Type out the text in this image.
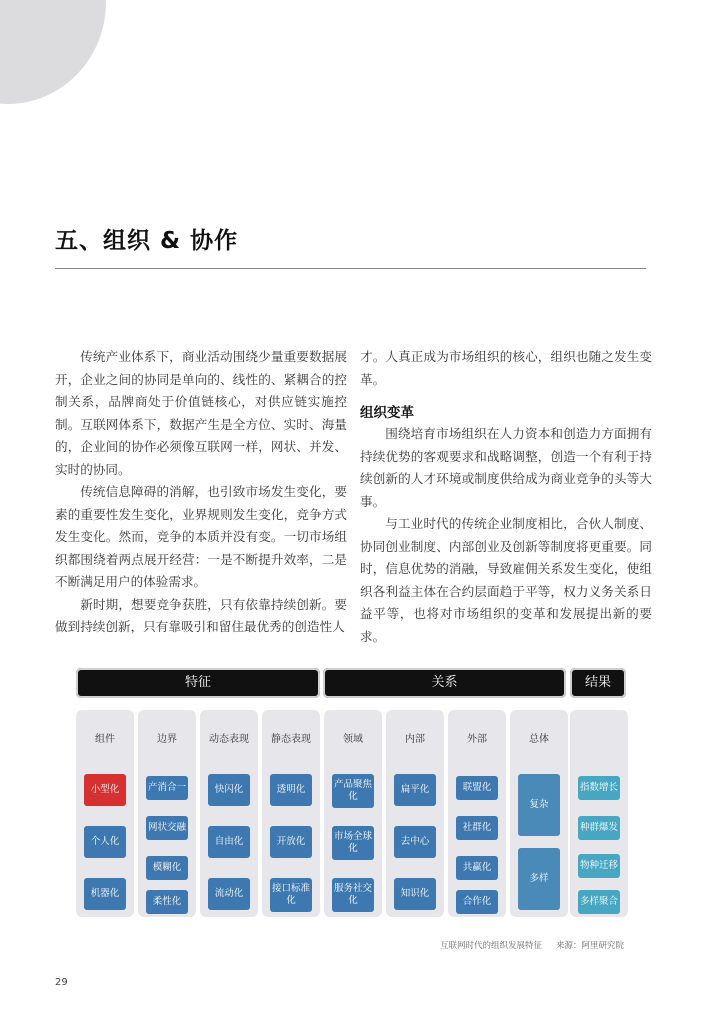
五、组织 & 协作

传统产业体系下，商业活动围绕少量重要数据展开，企业之间的协同是单向的、线性的、紧耦合的控制关系，品牌商处于价值链核心，对供应链实施控制。互联网体系下，数据产生是全方位、实时、海量的，企业间的协作必须像互联网一样，网状、并发、实时的协同。

传统信息障碍的消解，也引致市场发生变化，要素的重要性发生变化，业界规则发生变化，竞争方式发生变化。然而，竞争的本质并没有变。一切市场组织都围绕着两点展开经营：一是不断提升效率，二是不断满足用户的体验需求。

新时期，想要竞争获胜，只有依靠持续创新。要做到持续创新，只有靠吸引和留住最优秀的创造性人

才。人真正成为市场组织的核心，组织也随之发生变革。

组织变革

围绕培育市场组织在人力资本和创造力方面拥有持续优势的客观要求和战略调整，创造一个有利于持续创新的人才环境或制度供给成为商业竞争的头等大事。

与工业时代的传统企业制度相比，合伙人制度、协同创业制度、内部创业及创新等制度将更重要。同时，信息优势的消融，导致雇佣关系发生变化，使组织各利益主体在合约层面趋于平等，权力义务关系日益平等，也将对市场组织的变革和发展提出新的要求。

特征	关系	结果
组件
小型化
个人化
机器化
边界
产消合一
网状交融
模糊化
柔性化
动态表现
快闪化
自由化
流动化
静态表现
透明化
开放化
接口标准化
领域
产品聚焦化
市场全球化
服务社交化
内部
扁平化
去中心
知识化
外部
联盟化
社群化
共赢化
合作化
总体
复杂
多样
指数增长
种群爆发
物种迁移
多样聚合
互联网时代的组织发展特征 来源：阿里研究院
29
